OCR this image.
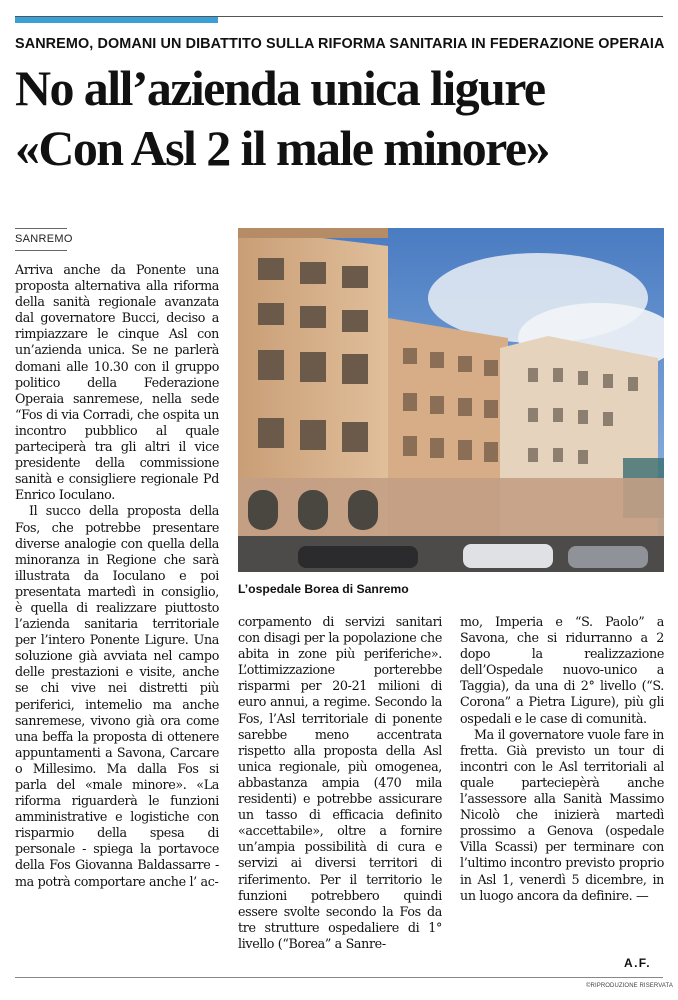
SANREMO, DOMANI UN DIBATTITO SULLA RIFORMA SANITARIA IN FEDERAZIONE OPERAIA
No all’azienda unica ligure
«Con Asl 2 il male minore»
SANREMO

Arriva anche da Ponente una proposta alternativa alla riforma della sanità regionale avanzata dal governatore Bucci, deciso a rimpiazzare le cinque Asl con un’azienda unica. Se ne parlerà domani alle 10.30 con il gruppo politico della Federazione Operaia sanremese, nella sede “Fos di via Corradi, che ospita un incontro pubblico al quale parteciperà tra gli altri il vice presidente della commissione sanità e consigliere regionale Pd Enrico Ioculano.

Il succo della proposta della Fos, che potrebbe presentare diverse analogie con quella della minoranza in Regione che sarà illustrata da Ioculano e poi presentata martedì in consiglio, è quella di realizzare piuttosto l’azienda sanitaria territoriale per l’intero Ponente Ligure. Una soluzione già avviata nel campo delle prestazioni e visite, anche se chi vive nei distretti più periferici, intemelio ma anche sanremese, vivono già ora come una beffa la proposta di ottenere appuntamenti a Savona, Carcare o Millesimo. Ma dalla Fos si parla del «male minore». «La riforma riguarderà le funzioni amministrative e logistiche con risparmio della spesa di personale - spiega la portavoce della Fos Giovanna Baldassarre - ma potrà comportare anche l’ ac-

L’ospedale Borea di Sanremo

corpamento di servizi sanitari con disagi per la popolazione che abita in zone più periferiche». L’ottimizzazione porterebbe risparmi per 20-21 milioni di euro annui, a regime. Secondo la Fos, l’Asl territoriale di ponente sarebbe meno accentrata rispetto alla proposta della Asl unica regionale, più omogenea, abbastanza ampia (470 mila residenti) e potrebbe assicurare un tasso di efficacia definito «accettabile», oltre a fornire un’ampia possibilità di cura e servizi ai diversi territori di riferimento. Per il territorio le funzioni potrebbero quindi essere svolte secondo la Fos da tre strutture ospedaliere di 1° livello (“Borea” a Sanre-

mo, Imperia e “S. Paolo” a Savona, che si ridurranno a 2 dopo la realizzazione dell’Ospedale nuovo-unico a Taggia), da una di 2° livello (“S. Corona” a Pietra Ligure), più gli ospedali e le case di comunità.

Ma il governatore vuole fare in fretta. Già previsto un tour di incontri con le Asl territoriali al quale parteciepèrà anche l’assessore alla Sanità Massimo Nicolò che inizierà martedì prossimo a Genova (ospedale Villa Scassi) per terminare con l’ultimo incontro previsto proprio in Asl 1, venerdì 5 dicembre, in un luogo ancora da definire. —

A.F.
©RIPRODUZIONE RISERVATA
